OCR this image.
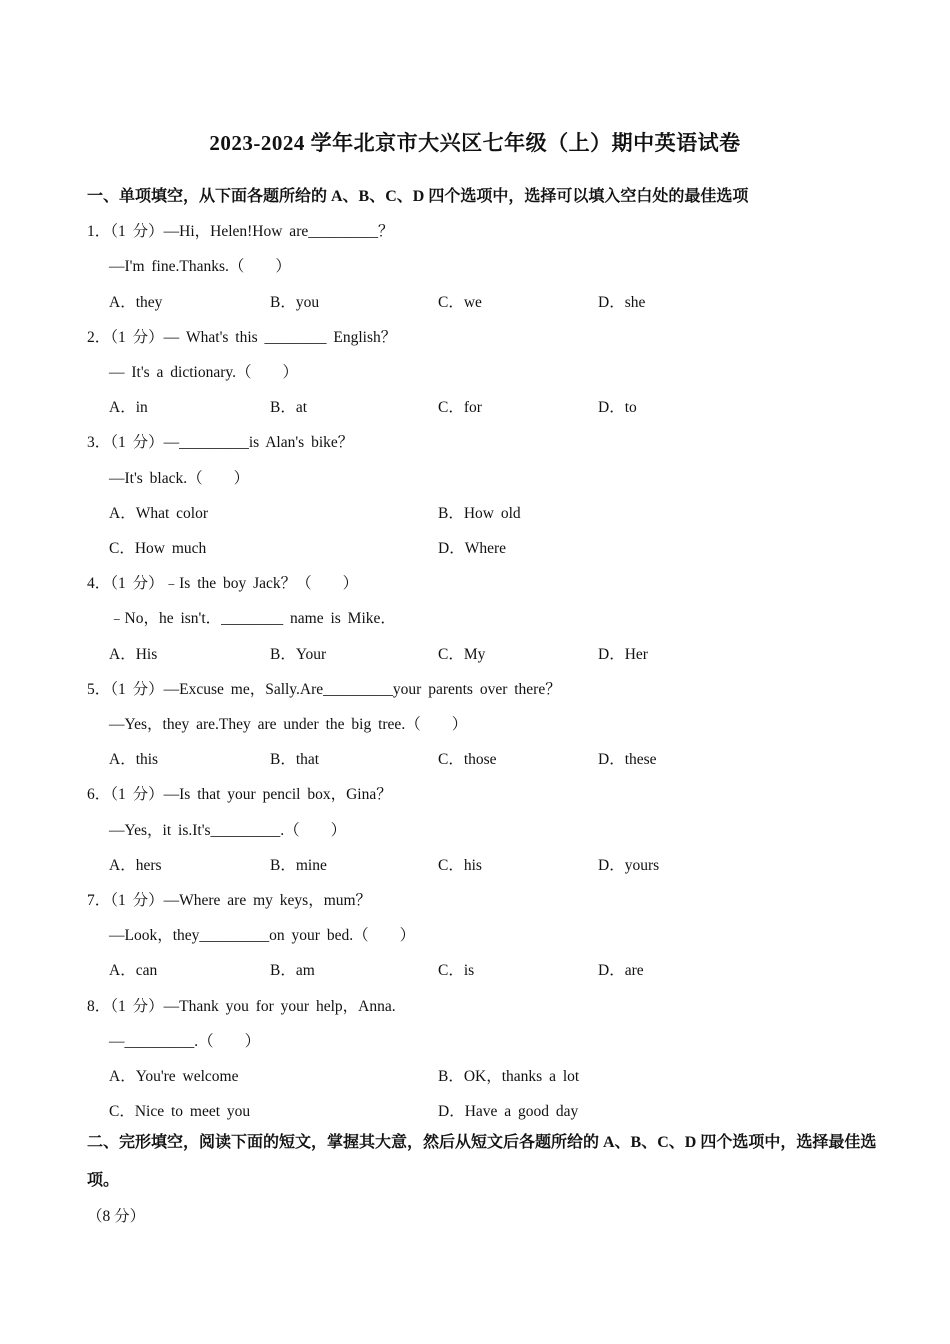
2023-2024 学年北京市大兴区七年级（上）期中英语试卷
一、单项填空，从下面各题所给的 A、B、C、D 四个选项中，选择可以填入空白处的最佳选项
1．（1 分）—Hi，Helen!How are_________？
—I'm fine.Thanks.（　　）
A．they	B．you	C．we	D．she
2．（1 分）— What's this ________ English？
— It's a dictionary.（　　）
A．in	B．at	C．for	D．to
3．（1 分）—_________is Alan's bike？
—It's black.（　　）
A．What color	B．How old
C．How much	D．Where
4．（1 分）﹣Is the boy Jack？（　　）
﹣No，he isn't．________ name is Mike．
A．His	B．Your	C．My	D．Her
5．（1 分）—Excuse me，Sally.Are_________your parents over there？
—Yes，they are.They are under the big tree.（　　）
A．this	B．that	C．those	D．these
6．（1 分）—Is that your pencil box，Gina？
—Yes，it is.It's_________.（　　）
A．hers	B．mine	C．his	D．yours
7．（1 分）—Where are my keys，mum？
—Look，they_________on your bed.（　　）
A．can	B．am	C．is	D．are
8．（1 分）—Thank you for your help，Anna.
—_________.（　　）
A．You're welcome	B．OK，thanks a lot
C．Nice to meet you	D．Have a good day
二、完形填空，阅读下面的短文，掌握其大意，然后从短文后各题所给的 A、B、C、D 四个选项中，选择最佳选项。
（8 分）
